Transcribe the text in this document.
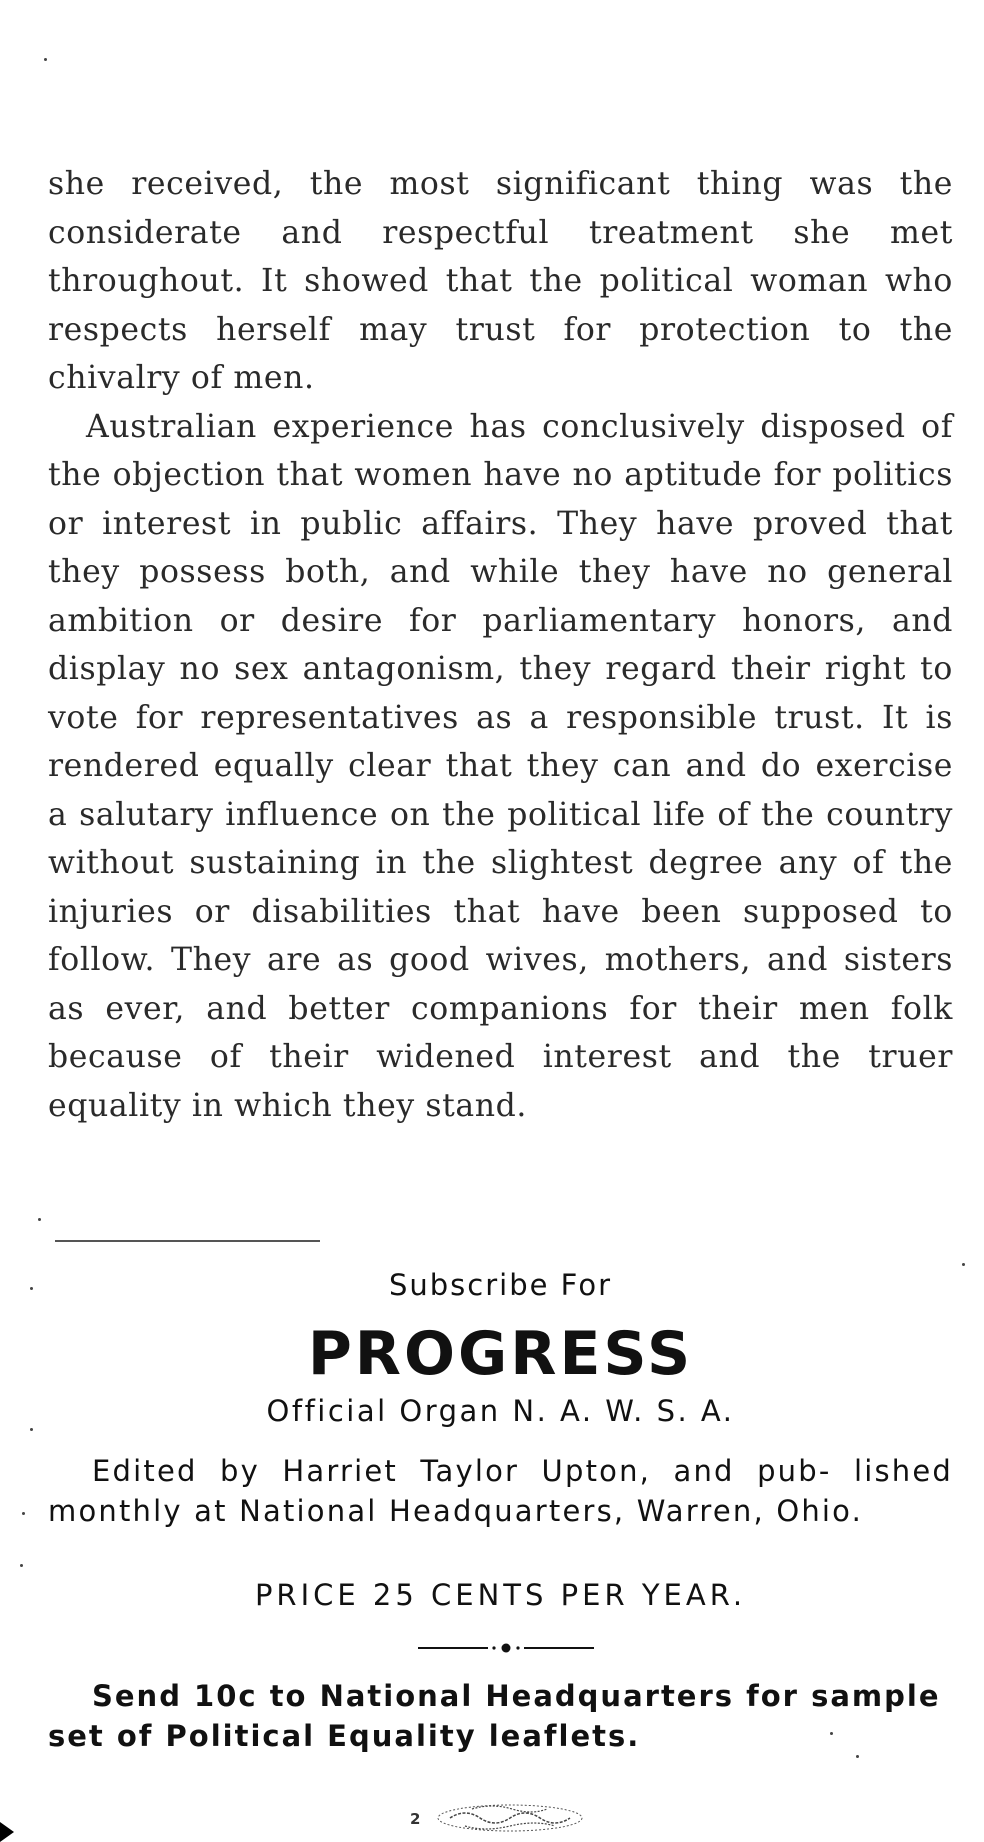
she received, the most significant thing was the considerate and respectful treatment she met throughout. It showed that the political woman who respects herself may trust for protection to the chivalry of men.

Australian experience has conclusively disposed of the objection that women have no aptitude for politics or interest in public affairs. They have proved that they possess both, and while they have no general ambition or desire for parliamentary honors, and display no sex antagonism, they regard their right to vote for representatives as a responsible trust. It is rendered equally clear that they can and do exercise a salutary influence on the political life of the country without sustaining in the slightest degree any of the injuries or disabilities that have been supposed to follow. They are as good wives, mothers, and sisters as ever, and better companions for their men folk because of their widened interest and the truer equality in which they stand.

Subscribe For
PROGRESS
Official Organ N. A. W. S. A.
Edited by Harriet Taylor Upton, and pub- lished monthly at National Headquarters, Warren, Ohio.
PRICE 25 CENTS PER YEAR.
Send 10c to National Headquarters for sample set of Political Equality leaflets.
2
